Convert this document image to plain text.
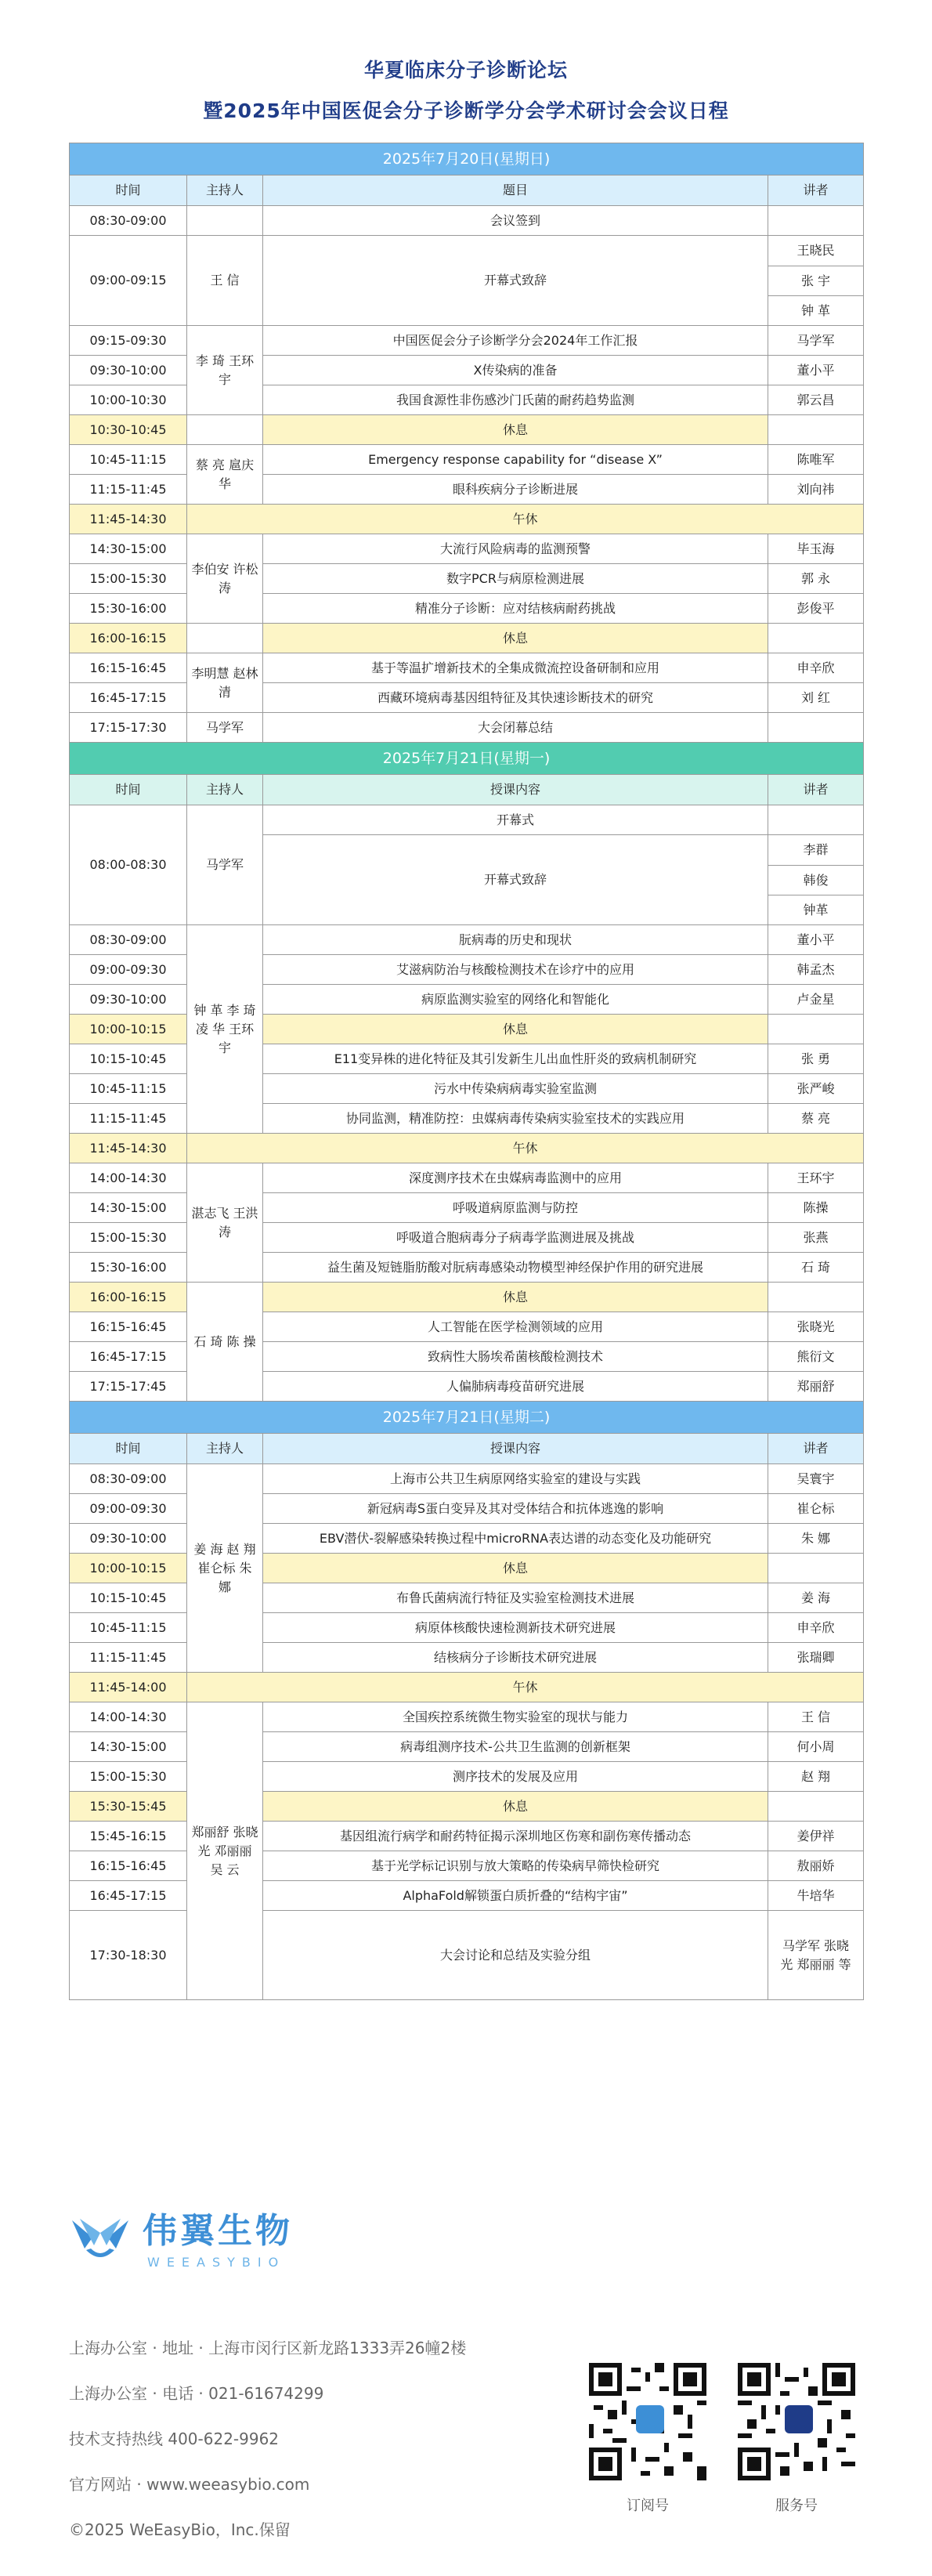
华夏临床分子诊断论坛
暨2025年中国医促会分子诊断学分会学术研讨会会议日程
2025年7月20日(星期日)			
时间	主持人	题目	讲者
08:30-09:00		会议签到	
09:00-09:15	王 信	开幕式致辞	王晓民
张 宇
钟 革

09:15-09:30	李 琦 王环宇	中国医促会分子诊断学分会2024年工作汇报	马学军
09:30-10:00		X传染病的准备	董小平
10:00-10:30		我国食源性非伤感沙门氏菌的耐药趋势监测	郭云昌
10:30-10:45		休息	
10:45-11:15	蔡 亮 扈庆华	Emergency response capability for “disease X”	陈唯军
11:15-11:45		眼科疾病分子诊断进展	刘向祎
11:45-14:30	午休		
14:30-15:00	李伯安 许松涛	大流行风险病毒的监测预警	毕玉海
15:00-15:30		数字PCR与病原检测进展	郭 永
15:30-16:00		精准分子诊断：应对结核病耐药挑战	彭俊平
16:00-16:15		休息	
16:15-16:45	李明慧 赵林清	基于等温扩增新技术的全集成微流控设备研制和应用	申辛欣
16:45-17:15		西藏环境病毒基因组特征及其快速诊断技术的研究	刘 红
17:15-17:30	马学军	大会闭幕总结	
2025年7月21日(星期一)			
时间	主持人	授课内容	讲者
08:00-08:30	马学军	开幕式	
		开幕式致辞	李群
韩俊
钟革

08:30-09:00	钟 革 李 琦 凌 华 王环宇	朊病毒的历史和现状	董小平
09:00-09:30		艾滋病防治与核酸检测技术在诊疗中的应用	韩孟杰
09:30-10:00		病原监测实验室的网络化和智能化	卢金星
10:00-10:15		休息	
10:15-10:45		E11变异株的进化特征及其引发新生儿出血性肝炎的致病机制研究	张 勇
10:45-11:15		污水中传染病病毒实验室监测	张严峻
11:15-11:45		协同监测，精准防控：虫媒病毒传染病实验室技术的实践应用	蔡 亮
11:45-14:30	午休		
14:00-14:30	湛志飞 王洪涛	深度测序技术在虫媒病毒监测中的应用	王环宇
14:30-15:00		呼吸道病原监测与防控	陈操
15:00-15:30		呼吸道合胞病毒分子病毒学监测进展及挑战	张燕
15:30-16:00		益生菌及短链脂肪酸对朊病毒感染动物模型神经保护作用的研究进展	石 琦
16:00-16:15	石 琦 陈 操	休息	
16:15-16:45		人工智能在医学检测领域的应用	张晓光
16:45-17:15		致病性大肠埃希菌核酸检测技术	熊衍文
17:15-17:45		人偏肺病毒疫苗研究进展	郑丽舒
2025年7月21日(星期二)			
时间	主持人	授课内容	讲者
08:30-09:00	姜 海 赵 翔 崔仑标 朱 娜	上海市公共卫生病原网络实验室的建设与实践	吴寰宇
09:00-09:30		新冠病毒S蛋白变异及其对受体结合和抗体逃逸的影响	崔仑标
09:30-10:00		EBV潜伏-裂解感染转换过程中microRNA表达谱的动态变化及功能研究	朱 娜
10:00-10:15		休息	
10:15-10:45		布鲁氏菌病流行特征及实验室检测技术进展	姜 海
10:45-11:15		病原体核酸快速检测新技术研究进展	申辛欣
11:15-11:45		结核病分子诊断技术研究进展	张瑞卿
11:45-14:00	午休		
14:00-14:30	郑丽舒 张晓光 邓丽丽 吴 云	全国疾控系统微生物实验室的现状与能力	王 信
14:30-15:00		病毒组测序技术-公共卫生监测的创新框架	何小周
15:00-15:30		测序技术的发展及应用	赵 翔
15:30-15:45		休息	
15:45-16:15		基因组流行病学和耐药特征揭示深圳地区伤寒和副伤寒传播动态	姜伊祥
16:15-16:45		基于光学标记识别与放大策略的传染病早筛快检研究	敖丽娇
16:45-17:15		AlphaFold解锁蛋白质折叠的“结构宇宙”	牛培华
17:30-18:30		大会讨论和总结及实验分组	马学军 张晓光 郑丽丽 等
伟翼生物
WEEASYBIO
上海办公室 · 地址 · 上海市闵行区新龙路1333弄26幢2楼
上海办公室 · 电话 · 021-61674299
技术支持热线 400-622-9962
官方网站 · www.weeasybio.com
©2025 WeEasyBio，Inc.保留
订阅号	服务号
